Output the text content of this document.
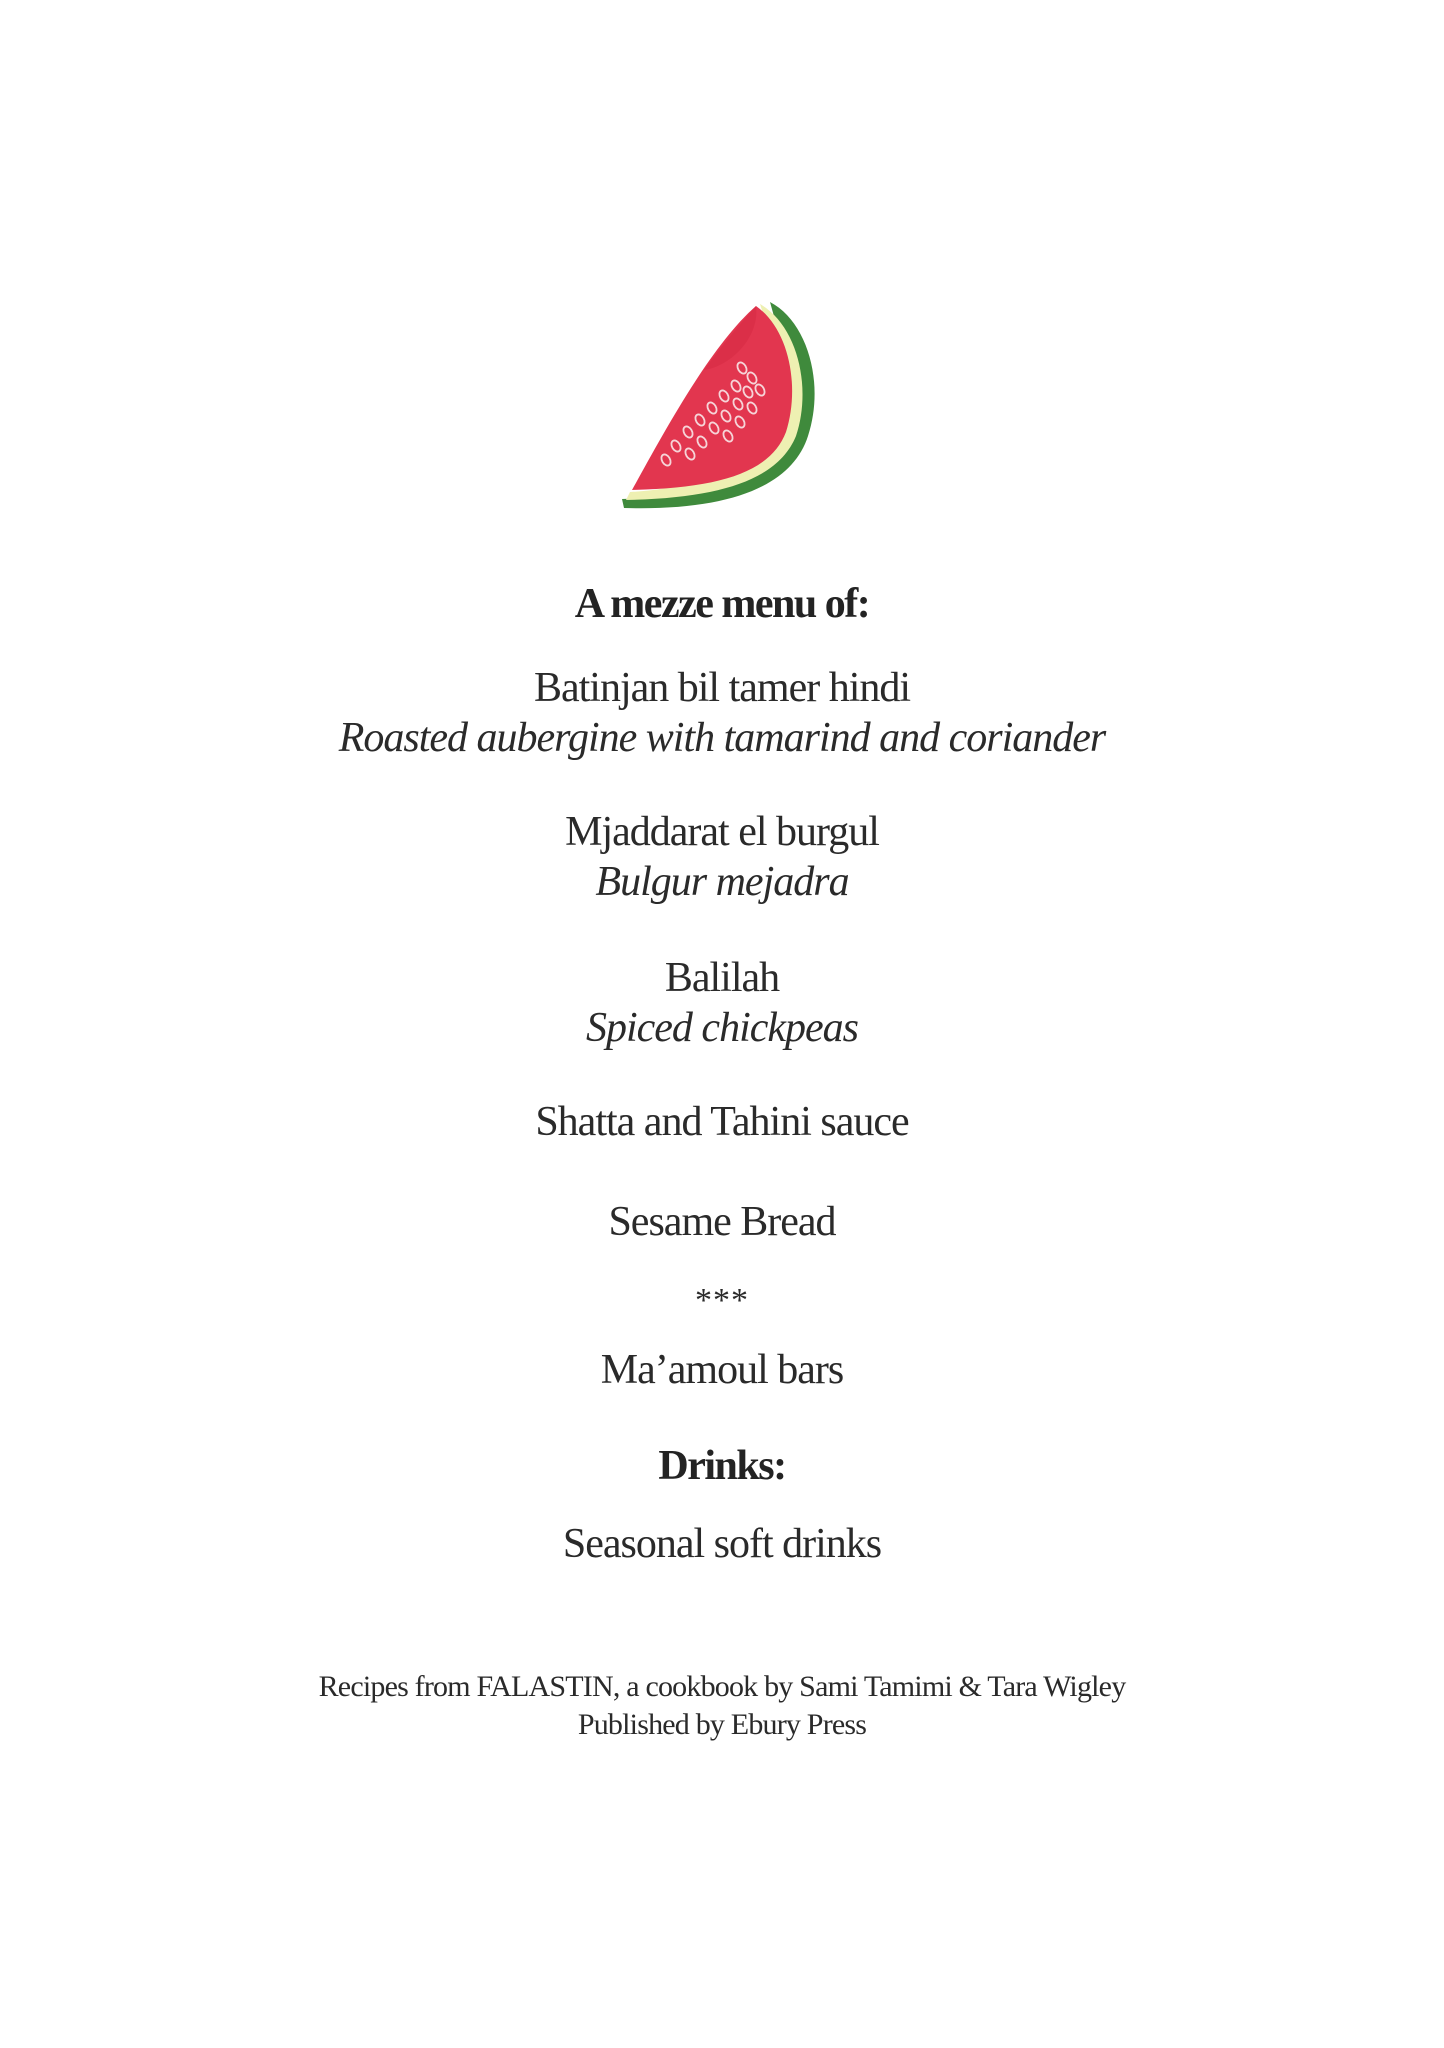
A mezze menu of:
Batinjan bil tamer hindi
Roasted aubergine with tamarind and coriander
Mjaddarat el burgul
Bulgur mejadra
Balilah
Spiced chickpeas
Shatta and Tahini sauce
Sesame Bread
***
Ma’amoul bars
Drinks:
Seasonal soft drinks
Recipes from FALASTIN, a cookbook by Sami Tamimi & Tara Wigley
Published by Ebury Press
